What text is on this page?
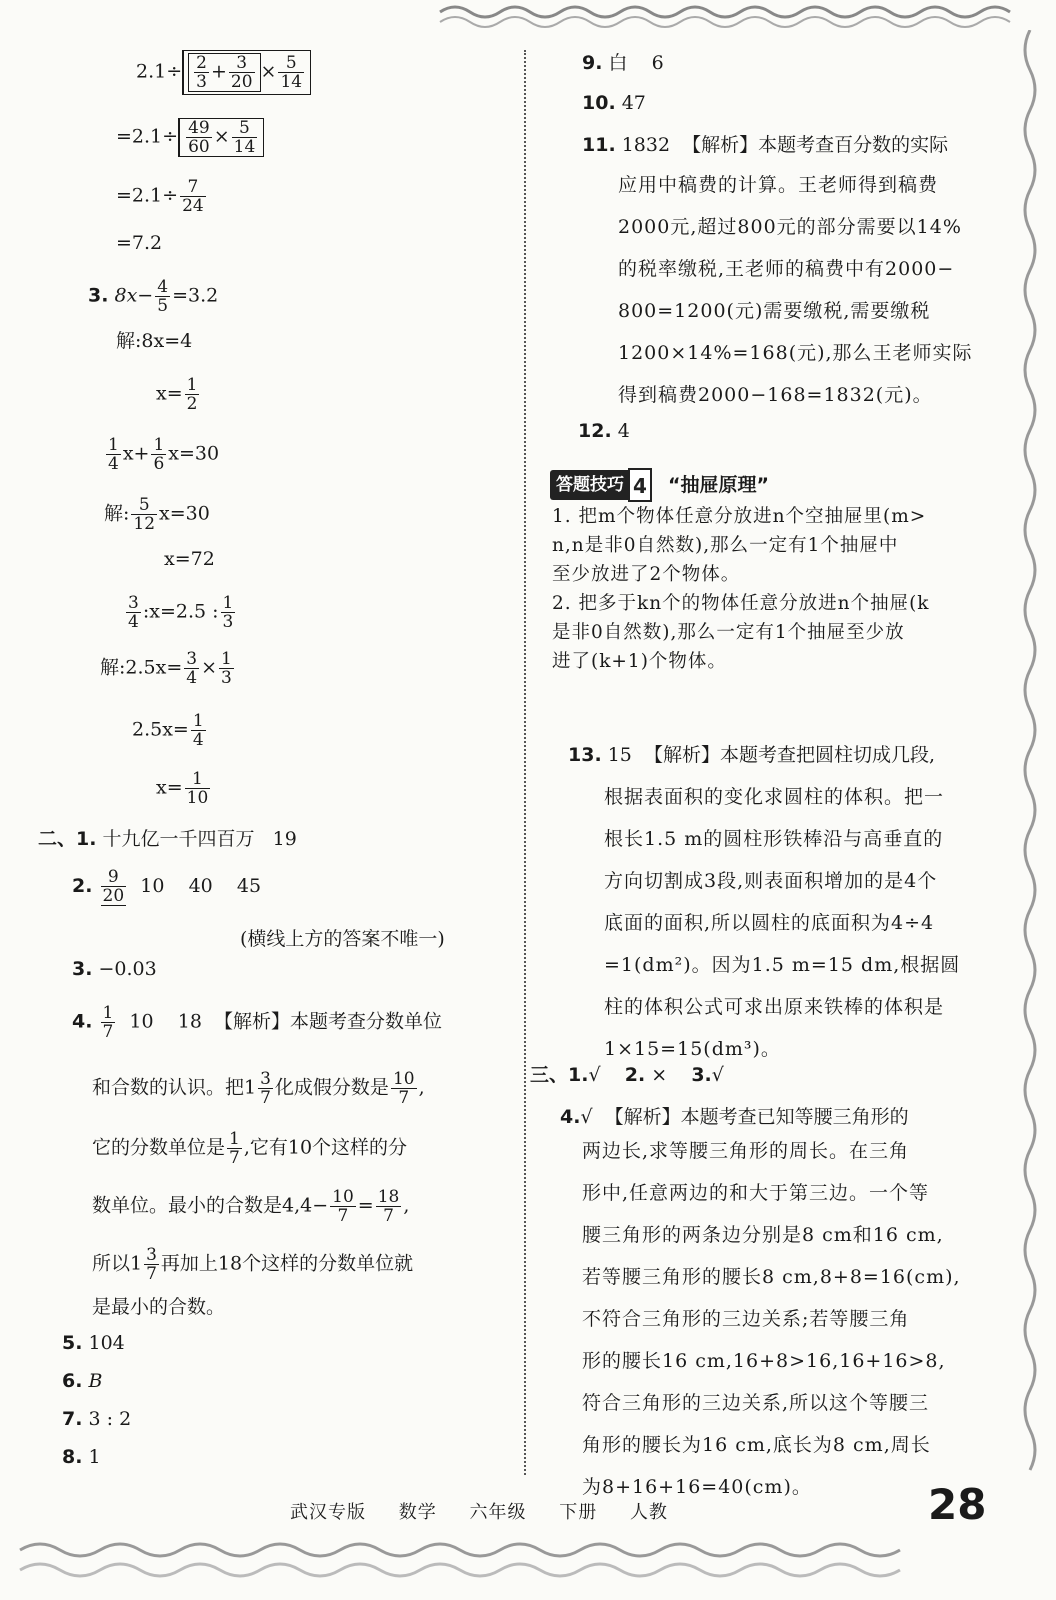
$2.1\div \frac{2}{3} + \frac{3}{20} \times \frac{5}{14}$
$=2.1\div \frac{49}{60} \times \frac{5}{14}$
$=2.1\div \frac{7}{24}$
=7.2
3. $8x- \frac{4}{5} =3.2$
解:8x=4
$x= \frac{1}{2}$
$\frac{1}{4} x+ \frac{1}{6} x=30$
解: $\frac{5}{12} x=30$
x=72
$\frac{3}{4}$ :x=2.5 : $\frac{1}{3}$
解:2.5x= $\frac{3}{4} \times \frac{1}{3}$
$2.5x= \frac{1}{4}$
$x= \frac{1}{10}$
二、1. 十九亿一千四百万 19
2. $\frac{9}{20} 10$    40    45
(横线上方的答案不唯一)
3. −0.03
4. $\frac{1}{7} 10$    18  【解析】本题考查分数单位
和合数的认识。把$1 \frac{3}{7}$ 化成假分数是 $\frac{10}{7}$ ,
它的分数单位是 $\frac{1}{7}$ ,它有10个这样的分
数单位。最小的合数是$4,4- \frac{10}{7} = \frac{18}{7}$ ,
所以$1 \frac{3}{7}$ 再加上18个这样的分数单位就
是最小的合数。
5. 104
6. B
7. 3 : 2
8. 1
9. 白    6
10. 47
11. 1832  【解析】本题考查百分数的实际
应用中稿费的计算。王老师得到稿费
2000元,超过800元的部分需要以14%
的税率缴税,王老师的稿费中有2000−
800=1200(元)需要缴税,需要缴税
1200×14%=168(元),那么王老师实际
得到稿费2000−168=1832(元)。
12. 4
答题技巧 4 “抽屉原理”
1. 把m个物体任意分放进n个空抽屉里(m>
n,n是非0自然数),那么一定有1个抽屉中
至少放进了2个物体。
2. 把多于kn个的物体任意分放进n个抽屉(k
是非0自然数),那么一定有1个抽屉至少放
进了(k+1)个物体。
13. 15  【解析】本题考查把圆柱切成几段,
根据表面积的变化求圆柱的体积。把一
根长1.5 m的圆柱形铁棒沿与高垂直的
方向切割成3段,则表面积增加的是4个
底面的面积,所以圆柱的底面积为4÷4
=1(dm²)。因为1.5 m=15 dm,根据圆
柱的体积公式可求出原来铁棒的体积是
1×15=15(dm³)。
三、1.√ 2. × 3.√
4.√  【解析】本题考查已知等腰三角形的
两边长,求等腰三角形的周长。在三角
形中,任意两边的和大于第三边。一个等
腰三角形的两条边分别是8 cm和16 cm,
若等腰三角形的腰长8 cm,8+8=16(cm),
不符合三角形的三边关系;若等腰三角
形的腰长16 cm,16+8>16,16+16>8,
符合三角形的三边关系,所以这个等腰三
角形的腰长为16 cm,底长为8 cm,周长
为8+16+16=40(cm)。
武汉专版 数学 六年级 下册 人教	28
